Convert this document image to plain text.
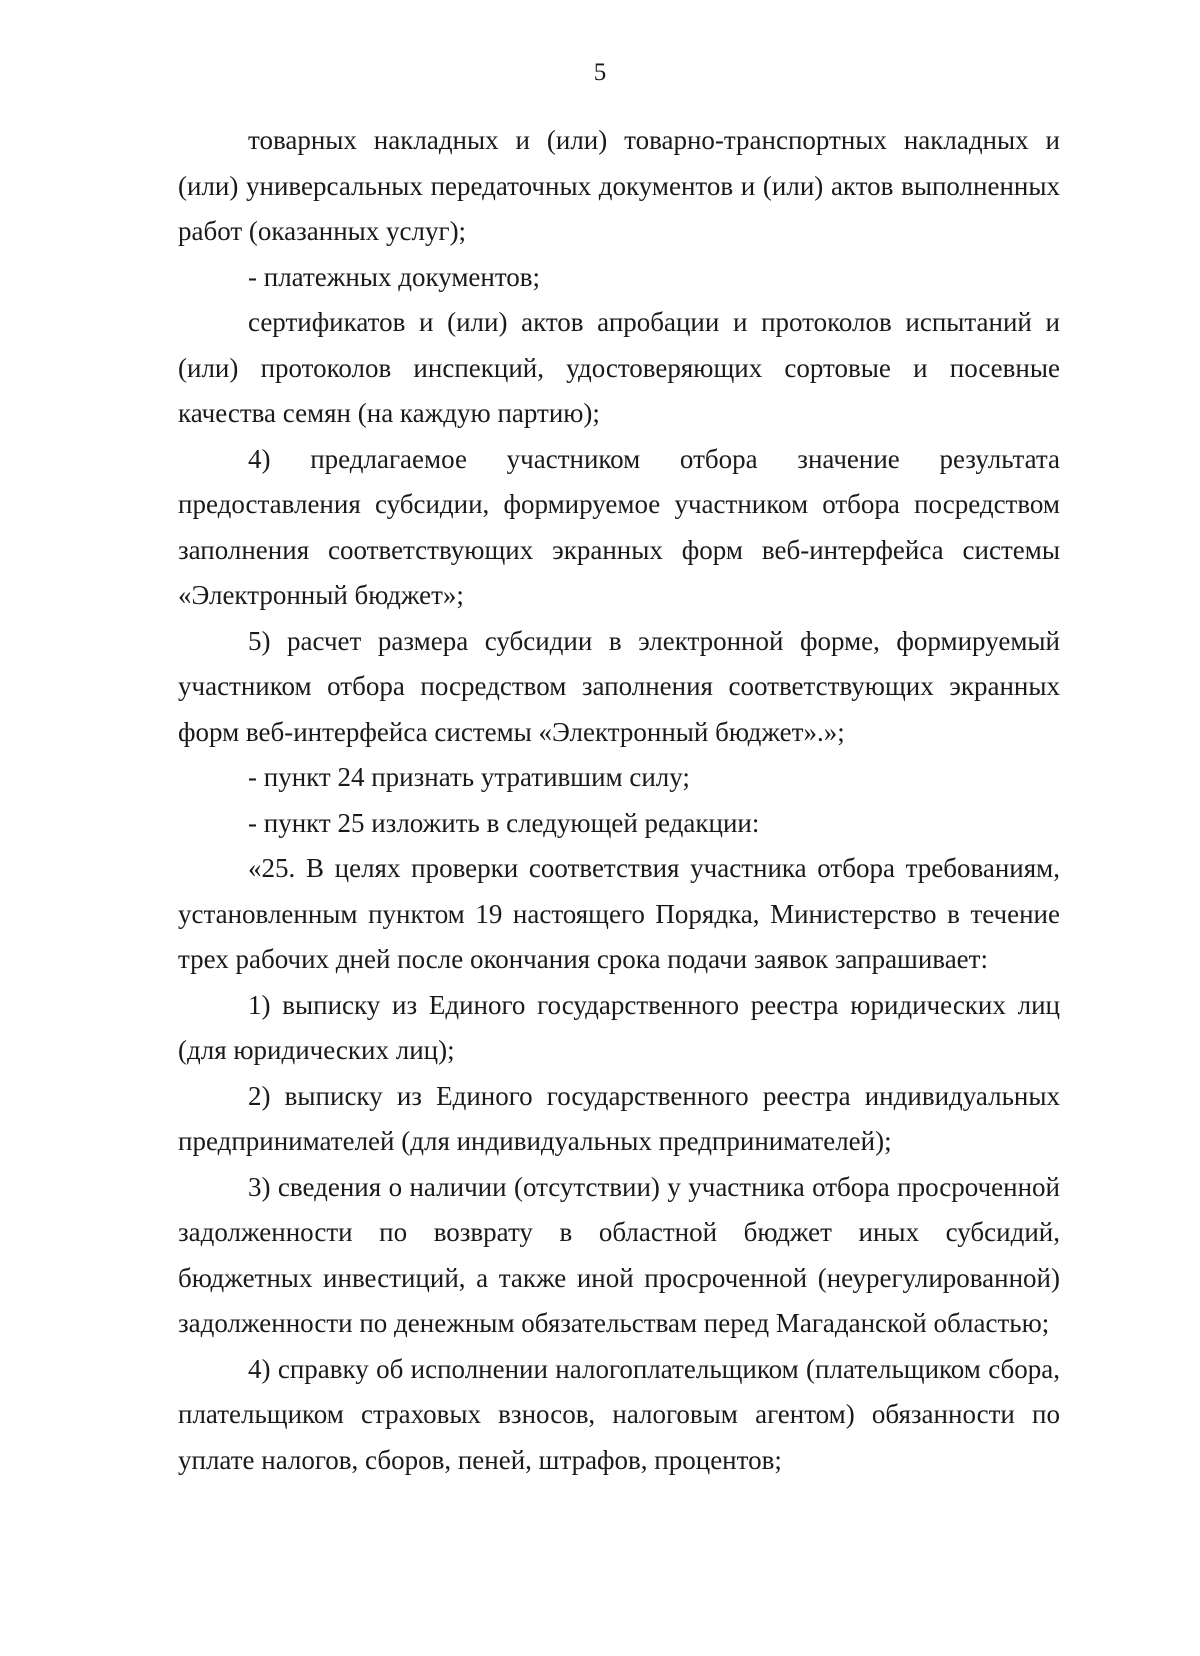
5

товарных накладных и (или) товарно-транспортных накладных и (или) универсальных передаточных документов и (или) актов выполненных работ (оказанных услуг);

- платежных документов;

сертификатов и (или) актов апробации и протоколов испытаний и (или) протоколов инспекций, удостоверяющих сортовые и посевные качества семян (на каждую партию);

4) предлагаемое участником отбора значение результата предоставления субсидии, формируемое участником отбора посредством заполнения соответствующих экранных форм веб-интерфейса системы «Электронный бюджет»;

5) расчет размера субсидии в электронной форме, формируемый участником отбора посредством заполнения соответствующих экранных форм веб-интерфейса системы «Электронный бюджет».»;

- пункт 24 признать утратившим силу;

- пункт 25 изложить в следующей редакции:

«25. В целях проверки соответствия участника отбора требованиям, установленным пунктом 19 настоящего Порядка, Министерство в течение трех рабочих дней после окончания срока подачи заявок запрашивает:

1) выписку из Единого государственного реестра юридических лиц (для юридических лиц);

2) выписку из Единого государственного реестра индивидуальных предпринимателей (для индивидуальных предпринимателей);

3) сведения о наличии (отсутствии) у участника отбора просроченной задолженности по возврату в областной бюджет иных субсидий, бюджетных инвестиций, а также иной просроченной (неурегулированной) задолженности по денежным обязательствам перед Магаданской областью;

4) справку об исполнении налогоплательщиком (плательщиком сбора, плательщиком страховых взносов, налоговым агентом) обязанности по уплате налогов, сборов, пеней, штрафов, процентов;
